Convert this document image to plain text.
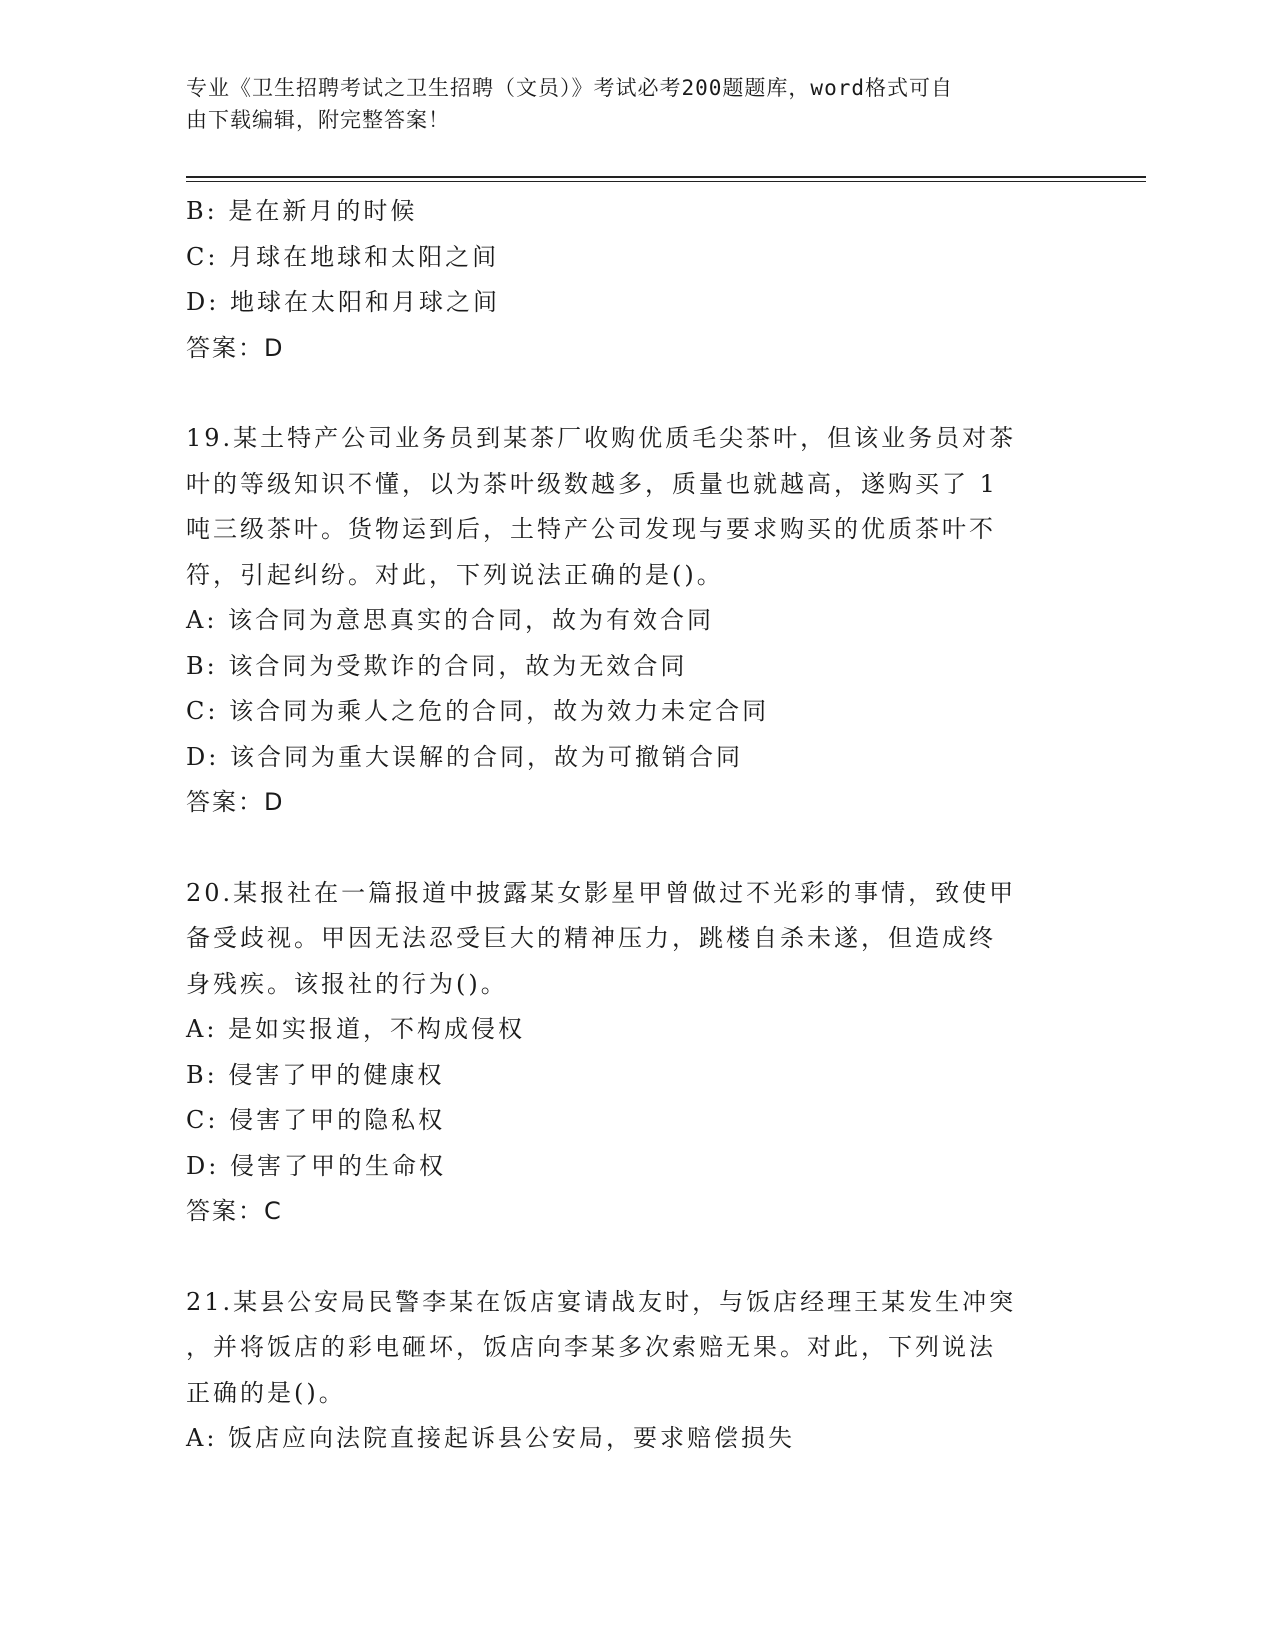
专业《卫生招聘考试之卫生招聘（文员）》考试必考200题题库，word格式可自
由下载编辑，附完整答案！
B: 是在新月的时候
C: 月球在地球和太阳之间
D: 地球在太阳和月球之间
答案：D
19.某土特产公司业务员到某茶厂收购优质毛尖茶叶，但该业务员对茶
叶的等级知识不懂，以为茶叶级数越多，质量也就越高，遂购买了 1
吨三级茶叶。货物运到后，土特产公司发现与要求购买的优质茶叶不
符，引起纠纷。对此，下列说法正确的是()。
A: 该合同为意思真实的合同，故为有效合同
B: 该合同为受欺诈的合同，故为无效合同
C: 该合同为乘人之危的合同，故为效力未定合同
D: 该合同为重大误解的合同，故为可撤销合同
答案：D
20.某报社在一篇报道中披露某女影星甲曾做过不光彩的事情，致使甲
备受歧视。甲因无法忍受巨大的精神压力，跳楼自杀未遂，但造成终
身残疾。该报社的行为()。
A: 是如实报道，不构成侵权
B: 侵害了甲的健康权
C: 侵害了甲的隐私权
D: 侵害了甲的生命权
答案：C
21.某县公安局民警李某在饭店宴请战友时，与饭店经理王某发生冲突
，并将饭店的彩电砸坏，饭店向李某多次索赔无果。对此，下列说法
正确的是()。
A: 饭店应向法院直接起诉县公安局，要求赔偿损失
